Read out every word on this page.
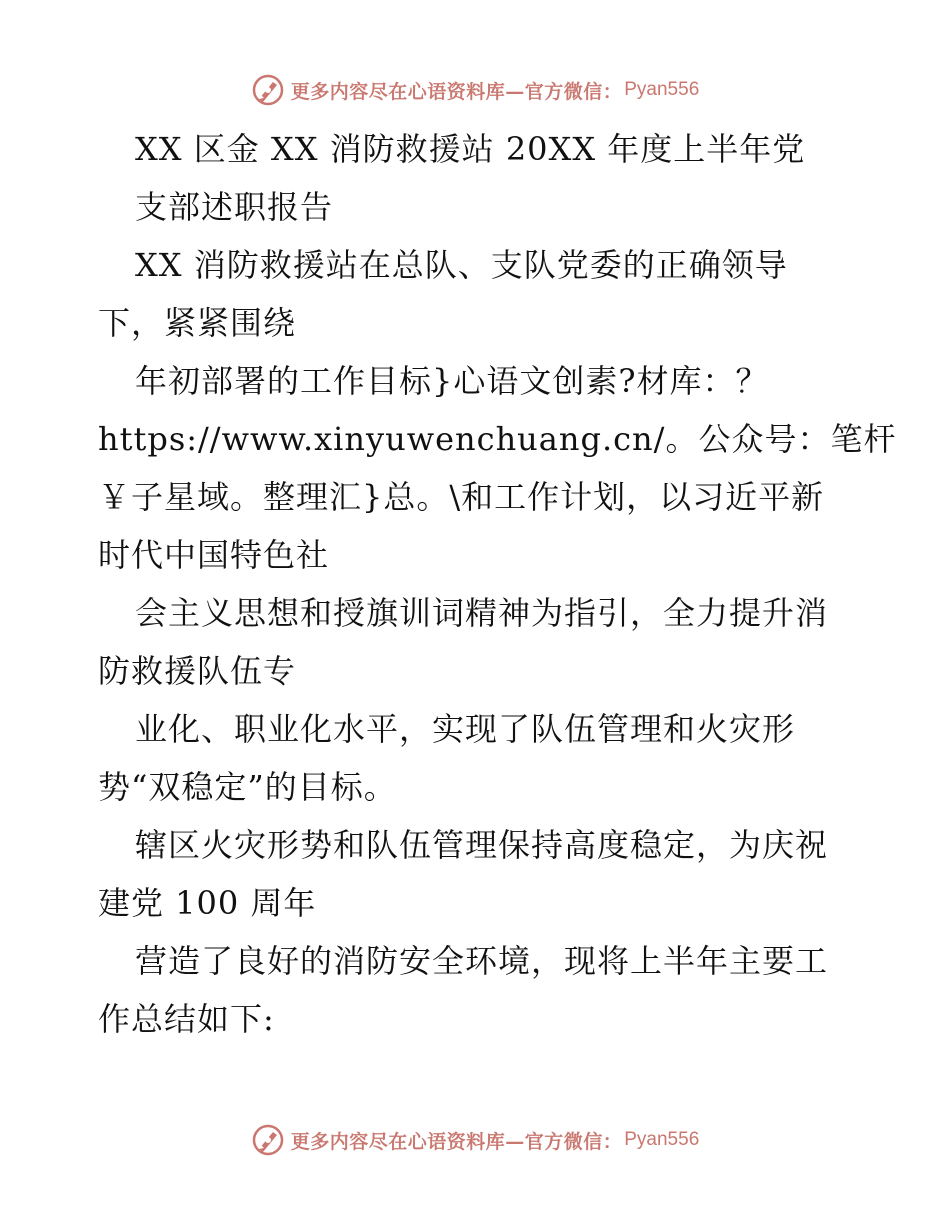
更多内容尽在心语资料库—官方微信： Pyan556
XX 区金 XX 消防救援站 20XX 年度上半年党
支部述职报告
XX 消防救援站在总队、支队党委的正确领导
下，紧紧围绕
年初部署的工作目标}心语文创素?材库：？
https://www.xinyuwenchuang.cn/。公众号：笔杆
￥子星域。整理汇}总。\和工作计划，以习近平新
时代中国特色社
会主义思想和授旗训词精神为指引，全力提升消
防救援队伍专
业化、职业化水平，实现了队伍管理和火灾形
势“双稳定”的目标。
辖区火灾形势和队伍管理保持高度稳定，为庆祝
建党 100 周年
营造了良好的消防安全环境，现将上半年主要工
作总结如下:
更多内容尽在心语资料库—官方微信： Pyan556
